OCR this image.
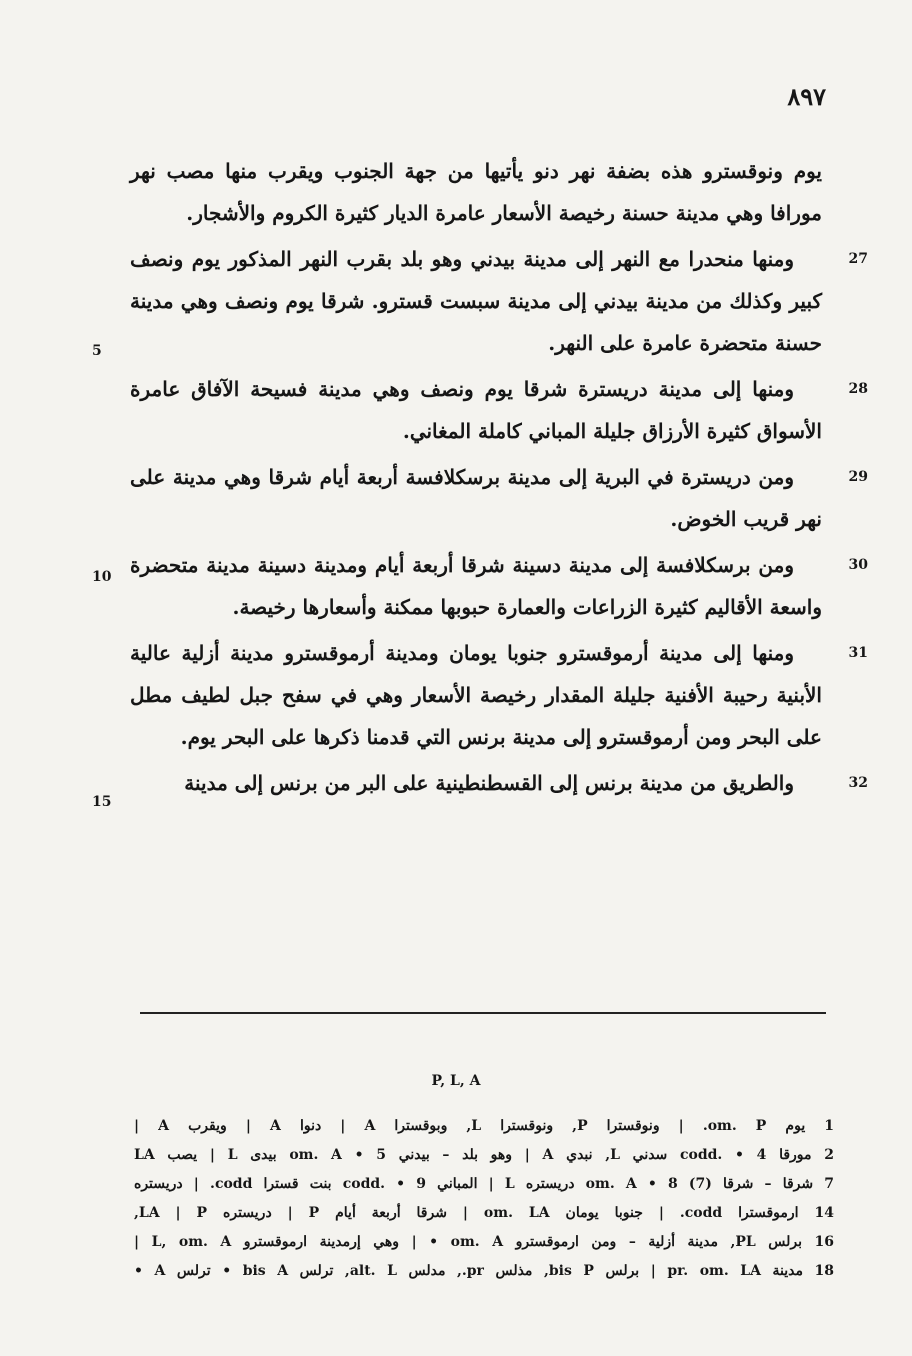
٨٩٧
يوم ونوقسترو هذه بضفة نهر دنو يأتيها من جهة الجنوب ويقرب منها مصب نهر مورافا وهي مدينة حسنة رخيصة الأسعار عامرة الديار كثيرة الكروم والأشجار.
27
ومنها منحدرا مع النهر إلى مدينة بيدني وهو بلد بقرب النهر المذكور يوم ونصف كبير وكذلك من مدينة بيدني إلى مدينة سبست قسترو. شرقا يوم ونصف وهي مدينة حسنة متحضرة عامرة على النهر.
28
ومنها إلى مدينة دريسترة شرقا يوم ونصف وهي مدينة فسيحة الآفاق عامرة الأسواق كثيرة الأرزاق جليلة المباني كاملة المغاني.
29
ومن دريسترة في البرية إلى مدينة برسكلافسة أربعة أيام شرقا وهي مدينة على نهر قريب الخوض.
30
ومن برسكلافسة إلى مدينة دسينة شرقا أربعة أيام ومدينة دسينة مدينة متحضرة واسعة الأقاليم كثيرة الزراعات والعمارة حبوبها ممكنة وأسعارها رخيصة.
31
ومنها إلى مدينة أرموقسترو جنوبا يومان ومدينة أرموقسترو مدينة أزلية عالية الأبنية رحيبة الأفنية جليلة المقدار رخيصة الأسعار وهي في سفح جبل لطيف مطل على البحر ومن أرموقسترو إلى مدينة برنس التي قدمنا ذكرها على البحر يوم.
32
والطريق من مدينة برنس إلى القسطنطينية على البر من برنس إلى مدينة
5
10
15
P, L, A
1 يوم om. P. | ونوقسترا P, ونوقسترا L, وبوقسترا A | دنوا A | ويقرب A |
2 مورقا codd. • 4 سدني L, نبدي A | وهو بلد – بيدني om. A • 5 بيدى L | يصب LA
7 شرقا – شرقا (7) om. A • 8 دريستره L | المباني codd. • 9 بنت قسترا codd. | دريستره
14 ارموقسترا codd. | جنوبا يومان om. LA | شرقا أربعة أيام P | دريستره LA | P,
16 برلس PL, مدينة أزلية – ومن ارموقسترو om. A • | وهي إرمدينة ارموقسترو L, om. A |
18 مدينة pr. om. LA | برلس bis P, مذلس pr., مدلس alt. L, ترلس bis A • ترلس A •
